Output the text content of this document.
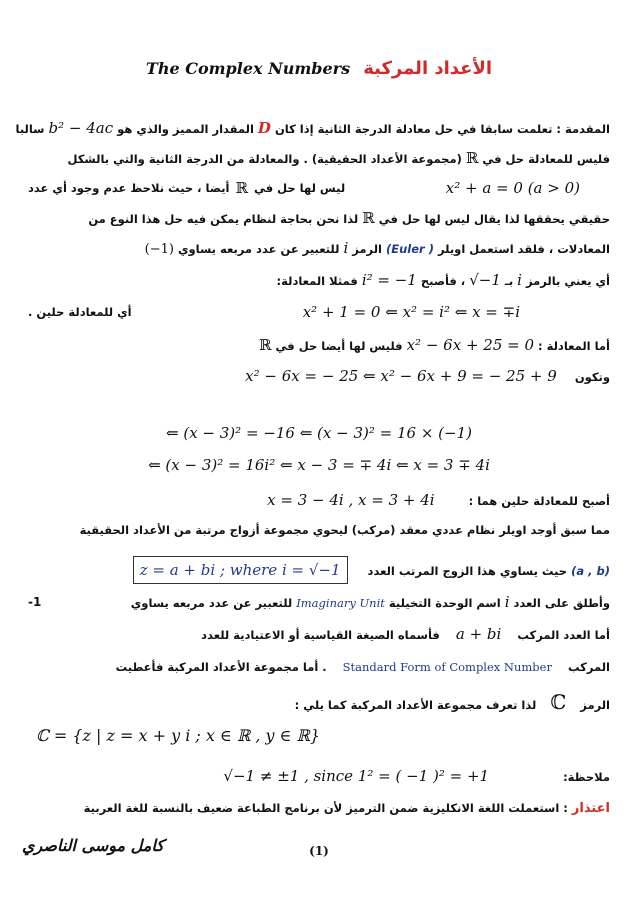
The Complex Numbers الأعداد المركبة
المقدمة : تعلمت سابقا في حل معادلة الدرجة الثانية إذا كان D المقدار المميز والذي هو b² − 4ac سالبا
فليس للمعادلة حل في ℝ (مجموعة الأعداد الحقيقية) . والمعادلة من الدرجة الثانية والتي بالشكل
أيضا ، حيث نلاحظ عدم وجود أي عدد ℝ ليس لها حل في	x² + a = 0 (a > 0)
حقيقي يحققها لذا يقال ليس لها حل في ℝ لذا نحن بحاجة لنظام يمكن فيه حل هذا النوع من
المعادلات ، فلقد استعمل اويلر ( Euler) الرمز i للتعبير عن عدد مربعه يساوي (−1)
أي يعني بالرمز i بـ √−1 ، فأصبح i² = −1 فمثلا المعادلة:
أي للمعادلة حلين .	x² + 1 = 0 ⇐ x² = i² ⇐ x = ∓i
أما المعادلة : x² − 6x + 25 = 0 فليس لها أيضا حل في ℝ
وتكون x² − 6x = − 25 ⇐ x² − 6x + 9 = − 25 + 9
⇐ (x − 3)² = −16 ⇐ (x − 3)² = 16 × (−1)
⇐ (x − 3)² = 16i² ⇐ x − 3 = ∓ 4i ⇐ x = 3 ∓ 4i
أصبح للمعادلة حلين هما : x = 3 − 4i , x = 3 + 4i
مما سبق أوجد اويلر نظام عددي معقد (مركب) ليحوي مجموعة أزواج مرتبة من الأعداد الحقيقية
(a , b) حيث يساوي هذا الزوج المرتب العدد z = a + bi ; where i = √−1
وأطلق على العدد i اسم الوحدة التخيلية Imaginary Unit للتعبير عن عدد مربعه يساوي
-1
أما العدد المركب a + bi فأسماه الصيغة القياسية أو الاعتيادية للعدد
المركب Standard Form of Complex Number . أما مجموعة الأعداد المركبة فأعطيت
الرمز ℂ لذا تعرف مجموعة الأعداد المركبة كما يلي :
ℂ = {z | z = x + y i ; x ∈ ℝ , y ∈ ℝ}
ملاحظة: √−1 ≠ ±1 , since 1² = ( −1 )² = +1
اعتذار : استعملت اللغة الانكليزية ضمن الترميز لأن برنامج الطباعة ضعيف بالنسبة للغة العربية
(1)
كامل موسى الناصري
